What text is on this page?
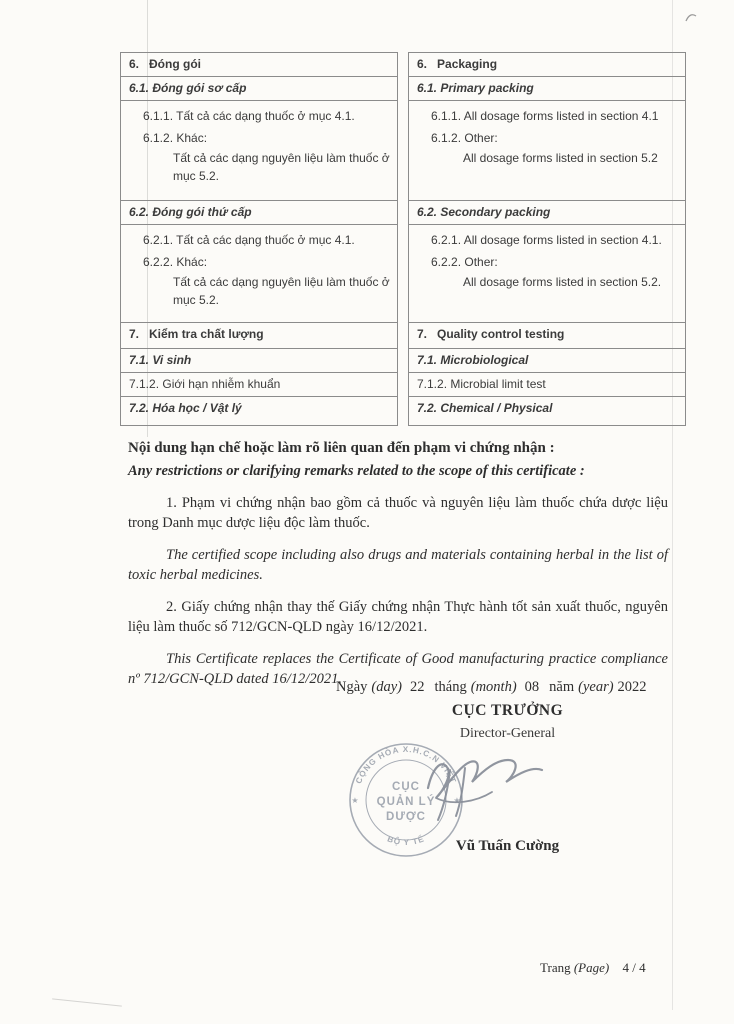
6.   Đóng gói
6.1. Đóng gói sơ cấp
6.1.1. Tất cả các dạng thuốc ở mục 4.1.
6.1.2. Khác:
Tất cả các dạng nguyên liệu làm thuốc ở mục 5.2.
6.2. Đóng gói thứ cấp
6.2.1. Tất cả các dạng thuốc ở mục 4.1.
6.2.2. Khác:
Tất cả các dạng nguyên liệu làm thuốc ở mục 5.2.
7.   Kiểm tra chất lượng
7.1. Vi sinh
7.1.2. Giới hạn nhiễm khuẩn
7.2. Hóa học / Vật lý
6.   Packaging
6.1. Primary packing
6.1.1. All dosage forms listed in section 4.1
6.1.2. Other:
All dosage forms listed in section 5.2
6.2. Secondary packing
6.2.1. All dosage forms listed in section 4.1.
6.2.2. Other:
All dosage forms listed in section 5.2.
7.   Quality control testing
7.1. Microbiological
7.1.2. Microbial limit test
7.2. Chemical / Physical
Nội dung hạn chế hoặc làm rõ liên quan đến phạm vi chứng nhận :
Any restrictions or clarifying remarks related to the scope of this certificate :

1. Phạm vi chứng nhận bao gồm cả thuốc và nguyên liệu làm thuốc chứa dược liệu trong Danh mục dược liệu độc làm thuốc.

The certified scope including also drugs and materials containing herbal in the list of toxic herbal medicines.

2. Giấy chứng nhận thay thế Giấy chứng nhận Thực hành tốt sản xuất thuốc, nguyên liệu làm thuốc số 712/GCN-QLD ngày 16/12/2021.

This Certificate replaces the Certificate of Good manufacturing practice compliance nº 712/GCN-QLD dated 16/12/2021.

Ngày (day) 22 tháng (month) 08 năm (year) 2022
CỤC TRƯỞNG
Director-General
CỘNG HÒA X.H.C.N VIỆT
BỘ Y TẾ
★	★
CỤC
QUẢN LÝ
DƯỢC
Vũ Tuấn Cường
Trang (Page) 4 / 4
